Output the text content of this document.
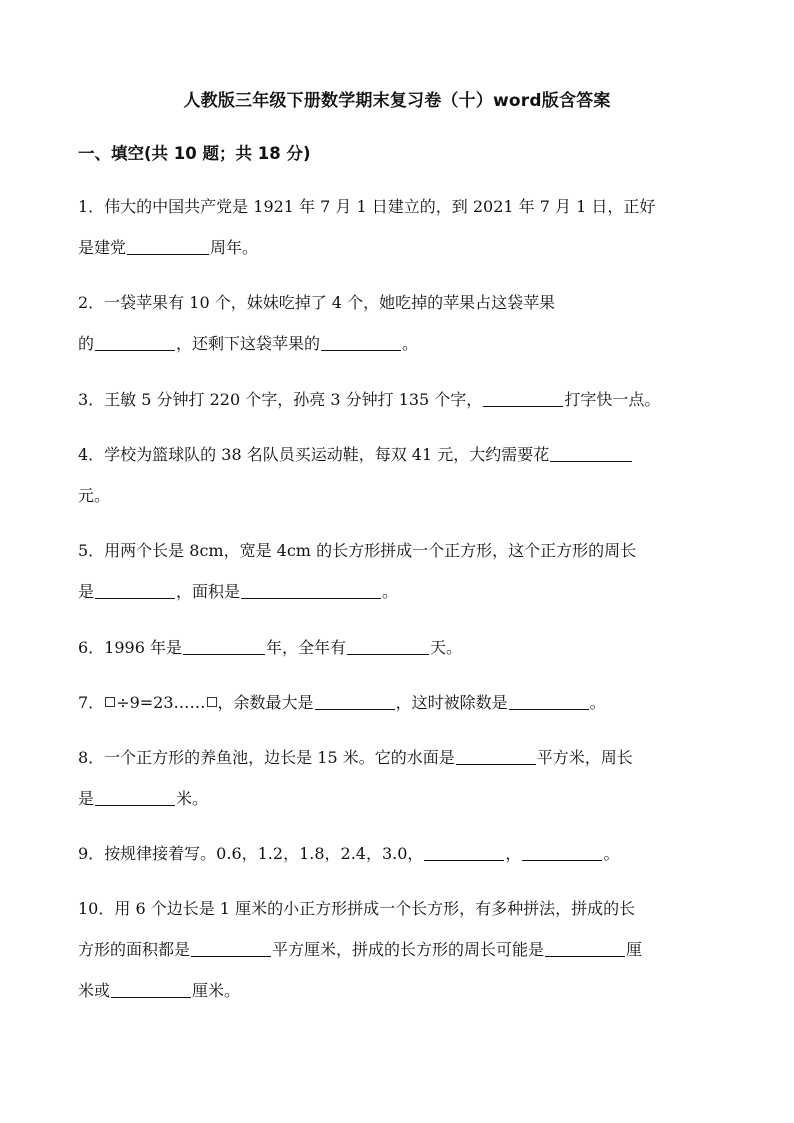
人教版三年级下册数学期末复习卷（十）word版含答案
一、填空(共 10 题；共 18 分)
1．伟大的中国共产党是 1921 年 7 月 1 日建立的，到 2021 年 7 月 1 日，正好
是建党	周年。
2．一袋苹果有 10 个，妹妹吃掉了 4 个，她吃掉的苹果占这袋苹果
的	，还剩下这袋苹果的	。
3．王敏 5 分钟打 220 个字，孙亮 3 分钟打 135 个字，	打字快一点。
4．学校为篮球队的 38 名队员买运动鞋，每双 41 元，大约需要花
元。
5．用两个长是 8cm，宽是 4cm 的长方形拼成一个正方形，这个正方形的周长
是	，面积是	。
6．1996 年是	年，全年有	天。
7． ÷9=23…… ，余数最大是	，这时被除数是	。
8．一个正方形的养鱼池，边长是 15 米。它的水面是	平方米，周长
是	米。
9．按规律接着写。0.6，1.2，1.8，2.4，3.0，	，	。
10．用 6 个边长是 1 厘米的小正方形拼成一个长方形，有多种拼法，拼成的长
方形的面积都是	平方厘米，拼成的长方形的周长可能是	厘
米或	厘米。
